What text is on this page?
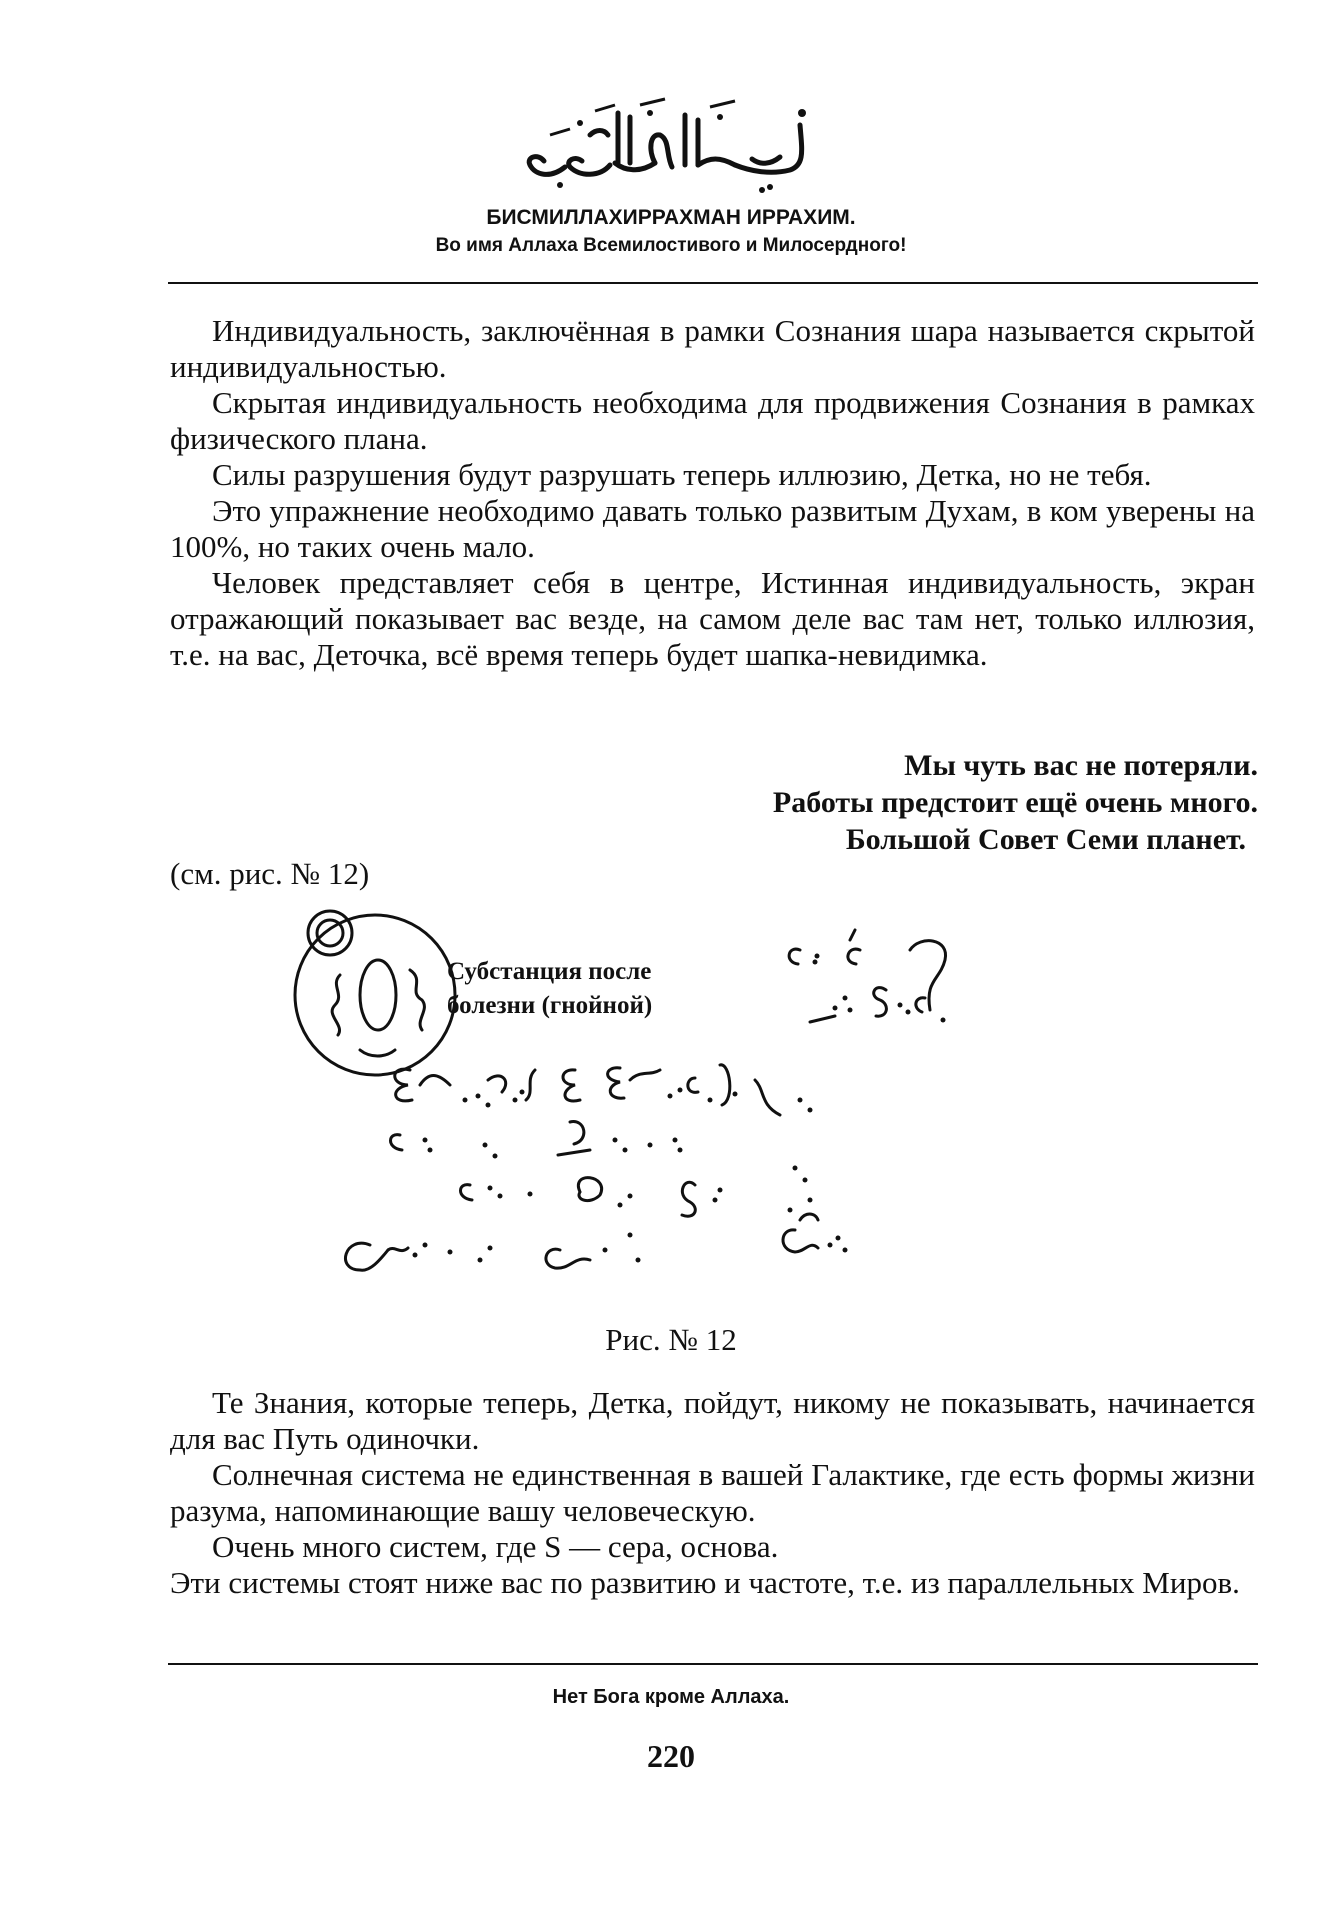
БИСМИЛЛАХИРРАХМАН ИРРАХИМ.
Во имя Аллаха Всемилостивого и Милосердного!

Индивидуальность, заключённая в рамки Сознания шара называется скрытой индивидуальностью.

Скрытая индивидуальность необходима для продвижения Сознания в рамках физического плана.

Силы разрушения будут разрушать теперь иллюзию, Детка, но не тебя.

Это упражнение необходимо давать только развитым Духам, в ком уверены на 100%, но таких очень мало.

Человек представляет себя в центре, Истинная индивидуальность, экран отражающий показывает вас везде, на самом деле вас там нет, только иллюзия, т.е. на вас, Деточка, всё время теперь будет шапка-невидимка.

Мы чуть вас не потеряли.
Работы предстоит ещё очень много.
Большой Совет Семи планет.
(см. рис. № 12)
Субстанция после
болезни (гнойной)
Рис. № 12

Те Знания, которые теперь, Детка, пойдут, никому не показывать, начинается для вас Путь одиночки.

Солнечная система не единственная в вашей Галактике, где есть формы жизни разума, напоминающие вашу человеческую.

Очень много систем, где S — сера, основа.

Эти системы стоят ниже вас по развитию и частоте, т.е. из параллельных Миров.

Нет Бога кроме Аллаха.
220
